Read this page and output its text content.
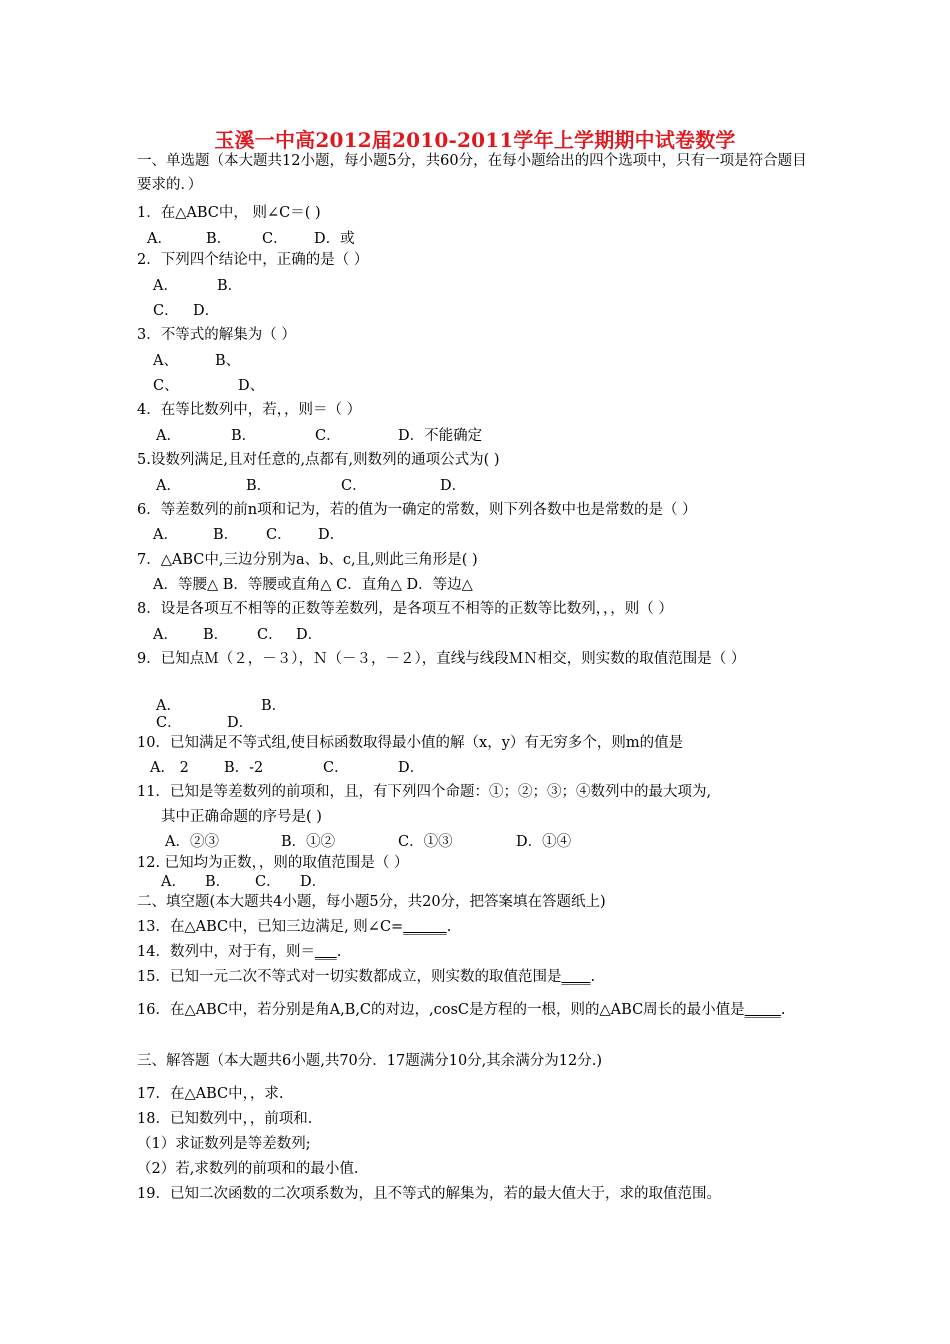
玉溪一中高2012届2010-2011学年上学期期中试卷数学
一、单选题（本大题共12小题，每小题5分，共60分，在每小题给出的四个选项中，只有一项是符合题目要求的．）
1．在△ABC中， 则∠C＝( )
A． B． C． D．或
2．下列四个结论中，正确的是（ ）
A．	B．
C． D．
3．不等式的解集为（ ）
A、	B、
C、	D、
4．在等比数列中，若，，则＝（ ）
A．	B．	C．	D．不能确定
5.设数列满足,且对任意的,点都有,则数列的通项公式为( )
A．	B．	C．	D．
6．等差数列的前n项和记为，若的值为一确定的常数，则下列各数中也是常数的是（ ）
A． B． C． D．
7．△ABC中,三边分别为a、b、c,且,则此三角形是( )
A．等腰△ B．等腰或直角△ C．直角△ D．等边△
8．设是各项互不相等的正数等差数列，是各项互不相等的正数等比数列，，，则（ ）
A． B． C． D．
9．已知点Ｍ（２，－３），Ｎ（－３，－２），直线与线段ＭＮ相交，则实数的取值范围是（ ）
A．	B．
C．	D．
10．已知满足不等式组,使目标函数取得最小值的解（x，y）有无穷多个，则m的值是
A． 2 B．-2	C．	D．
11．已知是等差数列的前项和，且，有下列四个命题：①；②；③；④数列中的最大项为,
其中正确命题的序号是( )
A．②③	B．①②	C．①③	D．①④
12. 已知均为正数，，则的取值范围是（ ）
A． B． C． D．
二、填空题(本大题共4小题，每小题5分，共20分，把答案填在答题纸上)
13．在△ABC中，已知三边满足, 则∠C=______.
14．数列中，对于有，则＝___.
15．已知一元二次不等式对一切实数都成立，则实数的取值范围是____.
16．在△ABC中，若分别是角A,B,C的对边，,cosC是方程的一根，则的△ABC周长的最小值是_____.
三、解答题（本大题共6小题,共70分．17题满分10分,其余满分为12分.)
17．在△ABC中，，求.
18．已知数列中，，前项和.
（1）求证数列是等差数列;
（2）若,求数列的前项和的最小值.
19．已知二次函数的二次项系数为，且不等式的解集为，若的最大值大于，求的取值范围。
